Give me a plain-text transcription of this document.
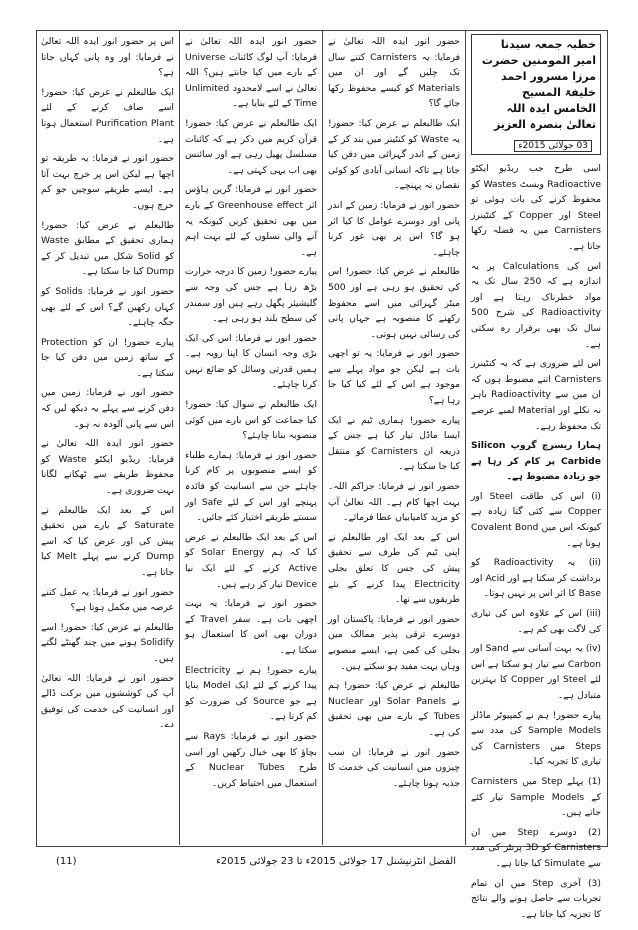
خطبہ جمعہ سیدنا امیر المومنین حضرت مرزا مسرور احمد
خلیفۃ المسیح الخامس ایدہ اللہ تعالیٰ بنصرہ العزیز
03 جولائی 2015ء

اسی طرح جب ریڈیو ایکٹو Radioactive ویسٹ Wastes کو محفوظ کرنے کی بات ہوئی تو Steel اور Copper کے کنٹینرز Carnisters میں یہ فضلہ رکھا جاتا ہے۔

اس کی Calculations پر یہ اندازہ ہے کہ 250 سال تک یہ مواد خطرناک رہتا ہے اور Radioactivity کی شرح 500 سال تک بھی برقرار رہ سکتی ہے۔

اس لئے ضروری ہے کہ یہ کنٹینرز Carnisters اتنے مضبوط ہوں کہ ان میں سے Radioactivity باہر نہ نکلے اور Material لمبے عرصے تک محفوظ رہے۔

ہمارا ریسرچ گروپ Silicon Carbide پر کام کر رہا ہے جو زیادہ مضبوط ہے۔

(i) اس کی طاقت Steel اور Copper سے کئی گنا زیادہ ہے کیونکہ اس میں Covalent Bond ہوتا ہے۔

(ii) یہ Radioactivity کو برداشت کر سکتا ہے اور Acid اور Base کا اثر اس پر نہیں ہوتا۔

(iii) اس کے علاوہ اس کی تیاری کی لاگت بھی کم ہے۔

(iv) یہ بہت آسانی سے Sand اور Carbon سے تیار ہو سکتا ہے اس لئے Steel اور Copper کا بہترین متبادل ہے۔

پیارے حضور! ہم نے کمپیوٹر ماڈلز Sample Models کی مدد سے Steps میں Carnisters کی تیاری کا تجربہ کیا۔

(1) پہلے Step میں Carnisters کے Sample Models تیار کئے جاتے ہیں۔

(2) دوسرے Step میں ان Carnisters کو 3D پرنٹر کی مدد سے Simulate کیا جاتا ہے۔

(3) آخری Step میں ان تمام تجربات سے حاصل ہونے والے نتائج کا تجزیہ کیا جاتا ہے۔

حضور انور ایدہ اللہ تعالیٰ نے فرمایا: یہ Carnisters کتنے سال تک چلیں گے اور ان میں Materials کو کیسے محفوظ رکھا جائے گا؟

ایک طالبعلم نے عرض کیا: حضور! یہ Waste کو کنٹینر میں بند کر کے زمین کے اندر گہرائی میں دفن کیا جاتا ہے تاکہ انسانی آبادی کو کوئی نقصان نہ پہنچے۔

حضور انور نے فرمایا: زمین کے اندر پانی اور دوسرے عوامل کا کیا اثر ہو گا؟ اس پر بھی غور کرنا چاہئے۔

طالبعلم نے عرض کیا: حضور! اس کی تحقیق ہو رہی ہے اور 500 میٹر گہرائی میں اسے محفوظ رکھنے کا منصوبہ ہے جہاں پانی کی رسائی نہیں ہوتی۔

حضور انور نے فرمایا: یہ تو اچھی بات ہے لیکن جو مواد پہلے سے موجود ہے اس کے لئے کیا کیا جا رہا ہے؟

پیارے حضور! ہماری ٹیم نے ایک ایسا ماڈل تیار کیا ہے جس کے ذریعہ ان Carnisters کو منتقل کیا جا سکتا ہے۔

حضور انور نے فرمایا: جزاکم اللہ۔ بہت اچھا کام ہے۔ اللہ تعالیٰ آپ کو مزید کامیابیاں عطا فرمائے۔

اس کے بعد ایک اور طالبعلم نے اپنی ٹیم کی طرف سے تحقیق پیش کی جس کا تعلق بجلی Electricity پیدا کرنے کے نئے طریقوں سے تھا۔

حضور انور نے فرمایا: پاکستان اور دوسرے ترقی پذیر ممالک میں بجلی کی کمی ہے، ایسے منصوبے وہاں بہت مفید ہو سکتے ہیں۔

طالبعلم نے عرض کیا: حضور! ہم نے Solar Panels اور Nuclear Tubes کے بارے میں بھی تحقیق کی ہے۔

حضور انور نے فرمایا: ان سب چیزوں میں انسانیت کی خدمت کا جذبہ ہونا چاہئے۔

حضور انور ایدہ اللہ تعالیٰ نے فرمایا: آپ لوگ کائنات Universe کے بارے میں کیا جانتے ہیں؟ اللہ تعالیٰ نے اسے لامحدود Unlimited Time کے لئے بنایا ہے۔

ایک طالبعلم نے عرض کیا: حضور! قرآن کریم میں ذکر ہے کہ کائنات مسلسل پھیل رہی ہے اور سائنس بھی اب یہی کہتی ہے۔

حضور انور نے فرمایا: گرین ہاؤس اثر Greenhouse effect کے بارے میں بھی تحقیق کریں کیونکہ یہ آنے والی نسلوں کے لئے بہت اہم ہے۔

پیارے حضور! زمین کا درجہ حرارت بڑھ رہا ہے جس کی وجہ سے گلیشیئر پگھل رہے ہیں اور سمندر کی سطح بلند ہو رہی ہے۔

حضور انور نے فرمایا: اس کی ایک بڑی وجہ انسان کا اپنا رویہ ہے۔ ہمیں قدرتی وسائل کو ضائع نہیں کرنا چاہئے۔

ایک طالبعلم نے سوال کیا: حضور! کیا جماعت کو اس بارے میں کوئی منصوبہ بنانا چاہئے؟

حضور انور نے فرمایا: ہمارے طلباء کو ایسے منصوبوں پر کام کرنا چاہئے جن سے انسانیت کو فائدہ پہنچے اور اس کے لئے Safe اور سستے طریقے اختیار کئے جائیں۔

اس کے بعد ایک طالبعلم نے عرض کیا کہ ہم Solar Energy کو Active کرنے کے لئے ایک نیا Device تیار کر رہے ہیں۔

حضور انور نے فرمایا: یہ بہت اچھی بات ہے۔ سفر Travel کے دوران بھی اس کا استعمال ہو سکتا ہے۔

پیارے حضور! ہم نے Electricity پیدا کرنے کے لئے ایک Model بنایا ہے جو Source کی ضرورت کو کم کرتا ہے۔

حضور انور نے فرمایا: Rays سے بچاؤ کا بھی خیال رکھیں اور اسی طرح Nuclear Tubes کے استعمال میں احتیاط کریں۔

اس پر حضور انور ایدہ اللہ تعالیٰ نے فرمایا: اور وہ پانی کہاں جاتا ہے؟

ایک طالبعلم نے عرض کیا: حضور! اسے صاف کرنے کے لئے Purification Plant استعمال ہوتا ہے۔

حضور انور نے فرمایا: یہ طریقہ تو اچھا ہے لیکن اس پر خرچ بہت آتا ہے۔ ایسے طریقے سوچیں جو کم خرچ ہوں۔

طالبعلم نے عرض کیا: حضور! ہماری تحقیق کے مطابق Waste کو Solid شکل میں تبدیل کر کے Dump کیا جا سکتا ہے۔

حضور انور نے فرمایا: Solids کو کہاں رکھیں گے؟ اس کے لئے بھی جگہ چاہئے۔

پیارے حضور! ان کو Protection کے ساتھ زمین میں دفن کیا جا سکتا ہے۔

حضور انور نے فرمایا: زمین میں دفن کرنے سے پہلے یہ دیکھ لیں کہ اس سے پانی آلودہ نہ ہو۔

حضور انور ایدہ اللہ تعالیٰ نے فرمایا: ریڈیو ایکٹو Waste کو محفوظ طریقے سے ٹھکانے لگانا بہت ضروری ہے۔

اس کے بعد ایک طالبعلم نے Saturate کے بارے میں تحقیق پیش کی اور عرض کیا کہ اسے Dump کرنے سے پہلے Melt کیا جاتا ہے۔

حضور انور نے فرمایا: یہ عمل کتنے عرصہ میں مکمل ہوتا ہے؟

طالبعلم نے عرض کیا: حضور! اسے Solidify ہونے میں چند گھنٹے لگتے ہیں۔

حضور انور نے فرمایا: اللہ تعالیٰ آپ کی کوششوں میں برکت ڈالے اور انسانیت کی خدمت کی توفیق دے۔

(11)	الفضل انٹرنیشنل 17 جولائی 2015ء تا 23 جولائی 2015ء
